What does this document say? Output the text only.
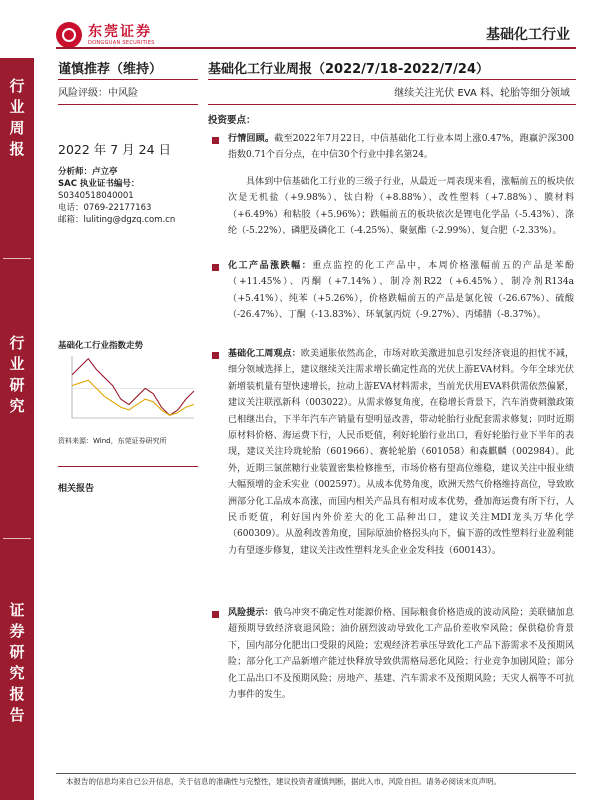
东莞证券
DONGGUAN SECURITIES	基础化工行业
行
业
周
报
行
业
研
究
证
券
研
究
报
告
谨慎推荐（维持）
风险评级：中风险
2022 年 7 月 24 日
分析师：卢立亭
SAC 执业证书编号：
S0340518040001
电话：0769-22177163
邮箱：luliting@dgzq.com.cn
基础化工行业指数走势
资料来源：Wind，东莞证券研究所
相关报告
基础化工行业周报（2022/7/18-2022/7/24）
继续关注光伏 EVA 料、轮胎等细分领域
投资要点：
行情回顾。截至2022年7月22日，中信基础化工行业本周上涨0.47%，跑赢沪深300指数0.71个百分点，在中信30个行业中排名第24。
具体到中信基础化工行业的三级子行业，从最近一周表现来看，涨幅前五的板块依次是无机盐（+9.98%）、钛白粉（+8.88%）、改性塑料（+7.88%）、膜材料（+6.49%）和粘胶（+5.96%）；跌幅前五的板块依次是锂电化学品（-5.43%）、涤纶（-5.22%）、磷肥及磷化工（-4.25%）、聚氨酯（-2.99%）、复合肥（-2.33%）。
化工产品涨跌幅：重点监控的化工产品中，本周价格涨幅前五的产品是苯酚（+11.45%）、丙酮（+7.14%）、制冷剂R22（+6.45%）、制冷剂R134a（+5.41%）、纯苯（+5.26%），价格跌幅前五的产品是氯化铵（-26.67%）、硫酸（-26.47%）、丁酮（-13.83%）、环氧氯丙烷（-9.27%）、丙烯腈（-8.37%）。
基础化工周观点：欧美通胀依然高企，市场对欧美激进加息引发经济衰退的担忧不减，细分领域选择上，建议继续关注需求增长确定性高的光伏上游EVA材料。今年全球光伏新增装机量有望快速增长，拉动上游EVA材料需求，当前光伏用EVA料供需依然偏紧，建议关注联泓新科（003022）。从需求修复角度，在稳增长背景下，汽车消费刺激政策已相继出台，下半年汽车产销量有望明显改善，带动轮胎行业配套需求修复；同时近期原材料价格、海运费下行，人民币贬值，利好轮胎行业出口，看好轮胎行业下半年的表现，建议关注玲珑轮胎（601966）、赛轮轮胎（601058）和森麒麟（002984）。此外，近期三氯蔗糖行业装置密集检修推至，市场价格有望高位维稳，建议关注中报业绩大幅预增的金禾实业（002597）。从成本优势角度，欧洲天然气价格维持高位，导致欧洲部分化工品成本高涨，而国内相关产品具有相对成本优势，叠加海运费有所下行，人民币贬值，利好国内外价差大的化工品种出口，建议关注MDI龙头万华化学（600309）。从盈利改善角度，国际原油价格拐头向下，偏下游的改性塑料行业盈利能力有望逐步修复，建议关注改性塑料龙头企业金发科技（600143）。
风险提示：俄乌冲突不确定性对能源价格、国际粮食价格造成的波动风险；美联储加息超预期导致经济衰退风险；油价剧烈波动导致化工产品价差收窄风险；保供稳价背景下，国内部分化肥出口受限的风险；宏观经济若承压导致化工产品下游需求不及预期风险；部分化工产品新增产能过快释放导致供需格局恶化风险；行业竞争加剧风险；部分化工品出口不及预期风险；房地产、基建、汽车需求不及预期风险；天灾人祸等不可抗力事件的发生。
本报告的信息均来自已公开信息，关于信息的准确性与完整性，建议投资者谨慎判断，据此入市，风险自担。请务必阅读末页声明。
